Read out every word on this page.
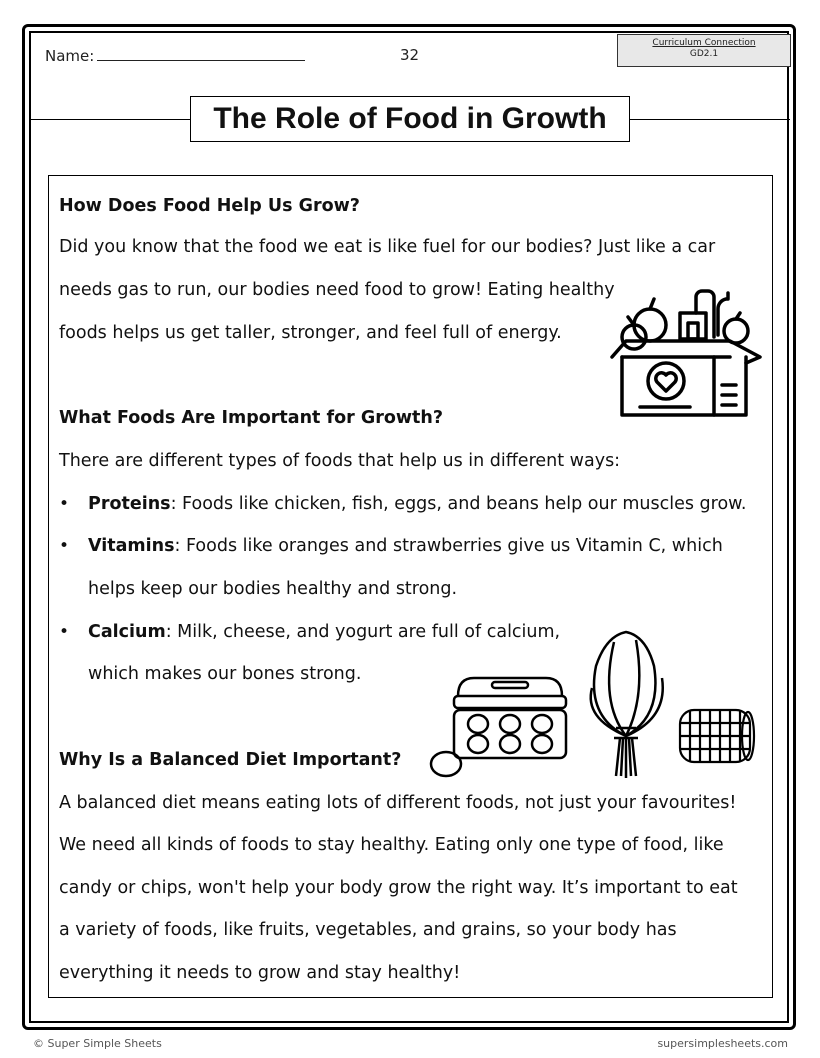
Name:	32
Curriculum Connection
GD2.1
The Role of Food in Growth
How Does Food Help Us Grow?
Did you know that the food we eat is like fuel for our bodies? Just like a car
needs gas to run, our bodies need food to grow! Eating healthy
foods helps us get taller, stronger, and feel full of energy.
What Foods Are Important for Growth?
There are different types of foods that help us in different ways:
• Proteins: Foods like chicken, fish, eggs, and beans help our muscles grow.
• Vitamins: Foods like oranges and strawberries give us Vitamin C, which
helps keep our bodies healthy and strong.
• Calcium: Milk, cheese, and yogurt are full of calcium,
which makes our bones strong.
Why Is a Balanced Diet Important?
A balanced diet means eating lots of different foods, not just your favourites!
We need all kinds of foods to stay healthy. Eating only one type of food, like
candy or chips, won't help your body grow the right way. It’s important to eat
a variety of foods, like fruits, vegetables, and grains, so your body has
everything it needs to grow and stay healthy!
© Super Simple Sheets	supersimplesheets.com
